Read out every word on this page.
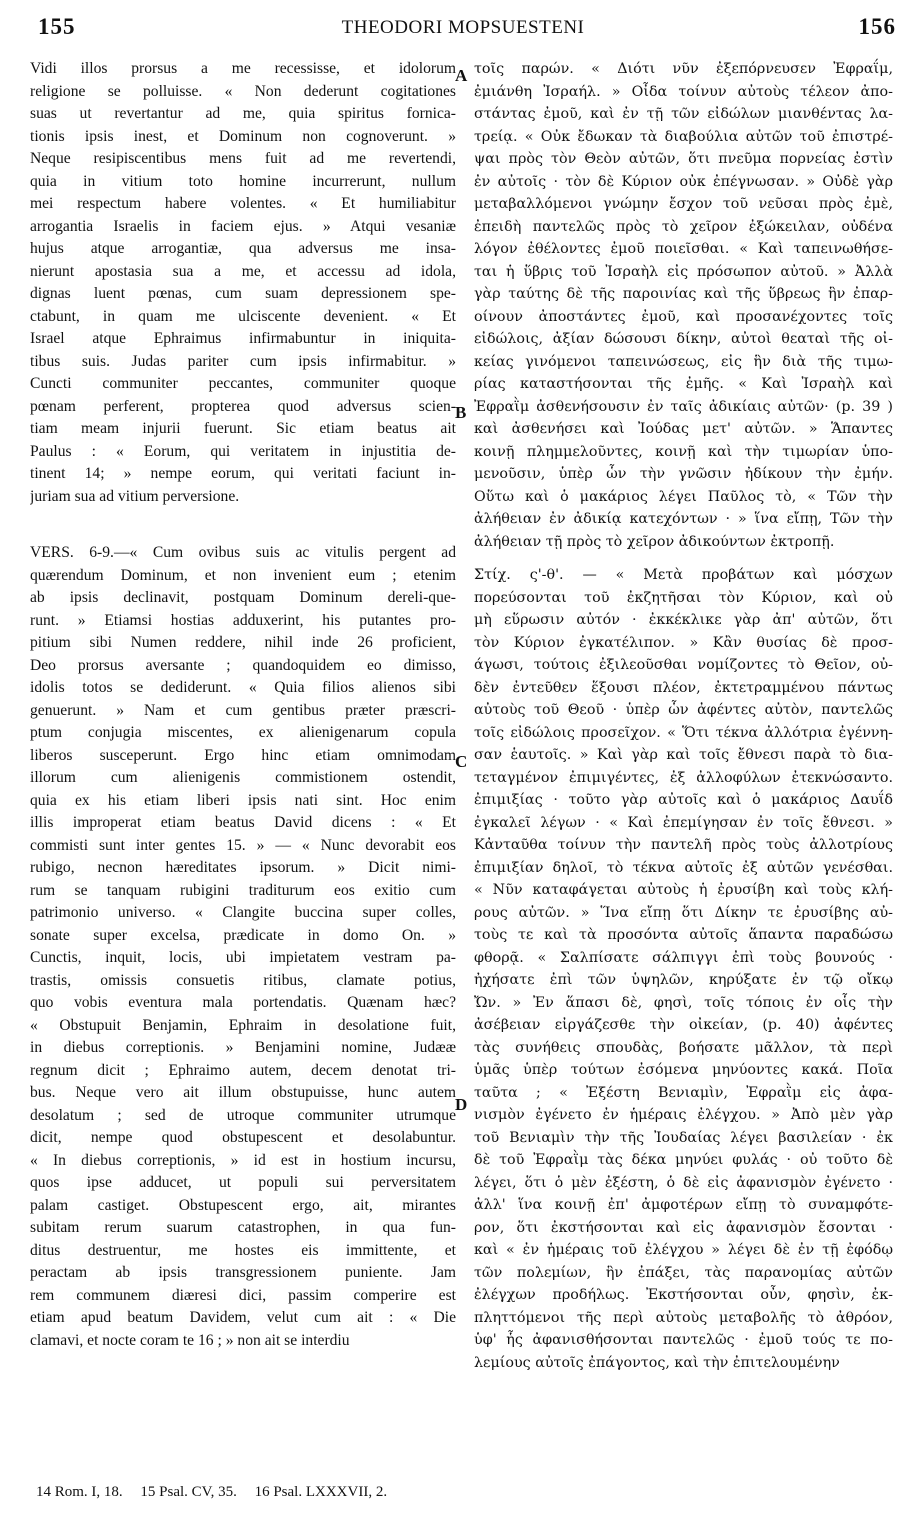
155	THEODORI MOPSUESTENI	156
Vidi illos prorsus a me recessisse, et idolorum
religione se polluisse. « Non dederunt cogitationes
suas ut revertantur ad me, quia spiritus fornica-
tionis ipsis inest, et Dominum non cognoverunt. »
Neque resipiscentibus mens fuit ad me revertendi,
quia in vitium toto homine incurrerunt, nullum
mei respectum habere volentes. « Et humiliabitur
arrogantia Israelis in faciem ejus. » Atqui vesaniæ
hujus atque arrogantiæ, qua adversus me insa-
nierunt apostasia sua a me, et accessu ad idola,
dignas luent pœnas, cum suam depressionem spe-
ctabunt, in quam me ulciscente devenient. « Et
Israel atque Ephraimus infirmabuntur in iniquita-
tibus suis. Judas pariter cum ipsis infirmabitur. »
Cuncti communiter peccantes, communiter quoque
pœnam perferent, propterea quod adversus scien-
tiam meam injurii fuerunt. Sic etiam beatus ait
Paulus : « Eorum, qui veritatem in injustitia de-
tinent 14; » nempe eorum, qui veritati faciunt in-
juriam sua ad vitium perversione.
VERS. 6-9.—« Cum ovibus suis ac vitulis pergent ad
quærendum Dominum, et non invenient eum ; etenim
ab ipsis declinavit, postquam Dominum dereli-que-
runt. » Etiamsi hostias adduxerint, his putantes pro-
pitium sibi Numen reddere, nihil inde 26 proficient,
Deo prorsus aversante ; quandoquidem eo dimisso,
idolis totos se dediderunt. « Quia filios alienos sibi
genuerunt. » Nam et cum gentibus præter præscri-
ptum conjugia miscentes, ex alienigenarum copula
liberos susceperunt. Ergo hinc etiam omnimodam
illorum cum alienigenis commistionem ostendit,
quia ex his etiam liberi ipsis nati sint. Hoc enim
illis improperat etiam beatus David dicens : « Et
commisti sunt inter gentes 15. » — « Nunc devorabit eos
rubigo, necnon hæreditates ipsorum. » Dicit nimi-
rum se tanquam rubigini traditurum eos exitio cum
patrimonio universo. « Clangite buccina super colles,
sonate super excelsa, prædicate in domo On. »
Cunctis, inquit, locis, ubi impietatem vestram pa-
trastis, omissis consuetis ritibus, clamate potius,
quo vobis eventura mala portendatis. Quænam hæc?
« Obstupuit Benjamin, Ephraim in desolatione fuit,
in diebus correptionis. » Benjamini nomine, Judææ
regnum dicit ; Ephraimo autem, decem denotat tri-
bus. Neque vero ait illum obstupuisse, hunc autem
desolatum ; sed de utroque communiter utrumque
dicit, nempe quod obstupescent et desolabuntur.
« In diebus correptionis, » id est in hostium incursu,
quos ipse adducet, ut populi sui perversitatem
palam castiget. Obstupescent ergo, ait, mirantes
subitam rerum suarum catastrophen, in qua fun-
ditus destruentur, me hostes eis immittente, et
peractam ab ipsis transgressionem puniente. Jam
rem communem diæresi dici, passim comperire est
etiam apud beatum Davidem, velut cum ait : « Die
clamavi, et nocte coram te 16 ; » non ait se interdiu
τοῖς παρών. « Διότι νῦν ἐξεπόρνευσεν Ἐφραΐμ,
ἐμιάνθη Ἰσραήλ. » Οἶδα τοίνυν αὐτοὺς τέλεον ἀπο-
στάντας ἐμοῦ, καὶ ἐν τῇ τῶν εἰδώλων μιανθέντας λα-
τρείᾳ. « Οὐκ ἔδωκαν τὰ διαβούλια αὐτῶν τοῦ ἐπιστρέ-
ψαι πρὸς τὸν Θεὸν αὐτῶν, ὅτι πνεῦμα πορνείας ἐστὶν
ἐν αὐτοῖς · τὸν δὲ Κύριον οὐκ ἐπέγνωσαν. » Οὐδὲ γὰρ
μεταβαλλόμενοι γνώμην ἔσχον τοῦ νεῦσαι πρὸς ἐμὲ,
ἐπειδὴ παντελῶς πρὸς τὸ χεῖρον ἐξώκειλαν, οὐδένα
λόγον ἐθέλοντες ἐμοῦ ποιεῖσθαι. « Καὶ ταπεινωθήσε-
ται ἡ ὕβρις τοῦ Ἰσραὴλ εἰς πρόσωπον αὐτοῦ. » Ἀλλὰ
γὰρ ταύτης δὲ τῆς παροινίας καὶ τῆς ὕβρεως ἣν ἐπαρ-
οίνουν ἀποστάντες ἐμοῦ, καὶ προσανέχοντες τοῖς
εἰδώλοις, ἀξίαν δώσουσι δίκην, αὐτοὶ θεαταὶ τῆς οἰ-
κείας γινόμενοι ταπεινώσεως, εἰς ἣν διὰ τῆς τιμω-
ρίας καταστήσονται τῆς ἐμῆς. « Καὶ Ἰσραὴλ καὶ
Ἐφραῒμ ἀσθενήσουσιν ἐν ταῖς ἀδικίαις αὐτῶν· (p. 39 )
καὶ ἀσθενήσει καὶ Ἰούδας μετ' αὐτῶν. » Ἅπαντες
κοινῇ πλημμελοῦντες, κοινῇ καὶ τὴν τιμωρίαν ὑπο-
μενοῦσιν, ὑπὲρ ὧν τὴν γνῶσιν ἠδίκουν τὴν ἐμήν.
Οὕτω καὶ ὁ μακάριος λέγει Παῦλος τὸ, « Τῶν τὴν
ἀλήθειαν ἐν ἀδικίᾳ κατεχόντων · » ἵνα εἴπῃ, Τῶν τὴν
ἀλήθειαν τῇ πρὸς τὸ χεῖρον ἀδικούντων ἐκτροπῇ.
Στίχ. ς'-θ'. — « Μετὰ προβάτων καὶ μόσχων
πορεύσονται τοῦ ἐκζητῆσαι τὸν Κύριον, καὶ οὐ
μὴ εὕρωσιν αὐτόν · ἐκκέκλικε γὰρ ἀπ' αὐτῶν, ὅτι
τὸν Κύριον ἐγκατέλιπον. » Κἂν θυσίας δὲ προσ-
άγωσι, τούτοις ἐξιλεοῦσθαι νομίζοντες τὸ Θεῖον, οὐ-
δὲν ἐντεῦθεν ἕξουσι πλέον, ἐκτετραμμένου πάντως
αὐτοὺς τοῦ Θεοῦ · ὑπὲρ ὧν ἀφέντες αὐτὸν, παντελῶς
τοῖς εἰδώλοις προσεῖχον. « Ὅτι τέκνα ἀλλότρια ἐγέννη-
σαν ἑαυτοῖς. » Καὶ γὰρ καὶ τοῖς ἔθνεσι παρὰ τὸ δια-
τεταγμένον ἐπιμιγέντες, ἐξ ἀλλοφύλων ἐτεκνώσαντο.
ἐπιμιξίας · τοῦτο γὰρ αὐτοῖς καὶ ὁ μακάριος Δαυΐδ
ἐγκαλεῖ λέγων · « Καὶ ἐπεμίγησαν ἐν τοῖς ἔθνεσι. »
Κἀνταῦθα τοίνυν τὴν παντελῆ πρὸς τοὺς ἀλλοτρίους
ἐπιμιξίαν δηλοῖ, τὸ τέκνα αὐτοῖς ἐξ αὐτῶν γενέσθαι.
« Νῦν καταφάγεται αὐτοὺς ἡ ἐρυσίβη καὶ τοὺς κλή-
ρους αὐτῶν. » Ἵνα εἴπῃ ὅτι Δίκην τε ἐρυσίβης αὐ-
τοὺς τε καὶ τὰ προσόντα αὐτοῖς ἅπαντα παραδώσω
φθορᾷ. « Σαλπίσατε σάλπιγγι ἐπὶ τοὺς βουνούς ·
ἠχήσατε ἐπὶ τῶν ὑψηλῶν, κηρύξατε ἐν τῷ οἴκῳ
Ὤν. » Ἐν ἅπασι δὲ, φησὶ, τοῖς τόποις ἐν οἷς τὴν
ἀσέβειαν εἰργάζεσθε τὴν οἰκείαν, (p. 40) ἀφέντες
τὰς συνήθεις σπουδὰς, βοήσατε μᾶλλον, τὰ περὶ
ὑμᾶς ὑπὲρ τούτων ἐσόμενα μηνύοντες κακά. Ποῖα
ταῦτα ; « Ἐξέστη Βενιαμὶν, Ἐφραῒμ εἰς ἀφα-
νισμὸν ἐγένετο ἐν ἡμέραις ἐλέγχου. » Ἀπὸ μὲν γὰρ
τοῦ Βενιαμὶν τὴν τῆς Ἰουδαίας λέγει βασιλείαν · ἐκ
δὲ τοῦ Ἐφραῒμ τὰς δέκα μηνύει φυλάς · οὐ τοῦτο δὲ
λέγει, ὅτι ὁ μὲν ἐξέστη, ὁ δὲ εἰς ἀφανισμὸν ἐγένετο ·
ἀλλ' ἵνα κοινῇ ἐπ' ἀμφοτέρων εἴπῃ τὸ συναμφότε-
ρον, ὅτι ἐκστήσονται καὶ εἰς ἀφανισμὸν ἔσονται ·
καὶ « ἐν ἡμέραις τοῦ ἐλέγχου » λέγει δὲ ἐν τῇ ἐφόδῳ
τῶν πολεμίων, ἣν ἐπάξει, τὰς παρανομίας αὐτῶν
ἐλέγχων προδήλως. Ἐκστήσονται οὖν, φησὶν, ἐκ-
πληττόμενοι τῆς περὶ αὐτοὺς μεταβολῆς τὸ ἀθρόον,
ὑφ' ἧς ἀφανισθήσονται παντελῶς · ἐμοῦ τούς τε πο-
λεμίους αὐτοῖς ἐπάγοντος, καὶ τὴν ἐπιτελουμένην
A
B
C
D
14 Rom. I, 18. 15 Psal. CV, 35. 16 Psal. LXXXVII, 2.
